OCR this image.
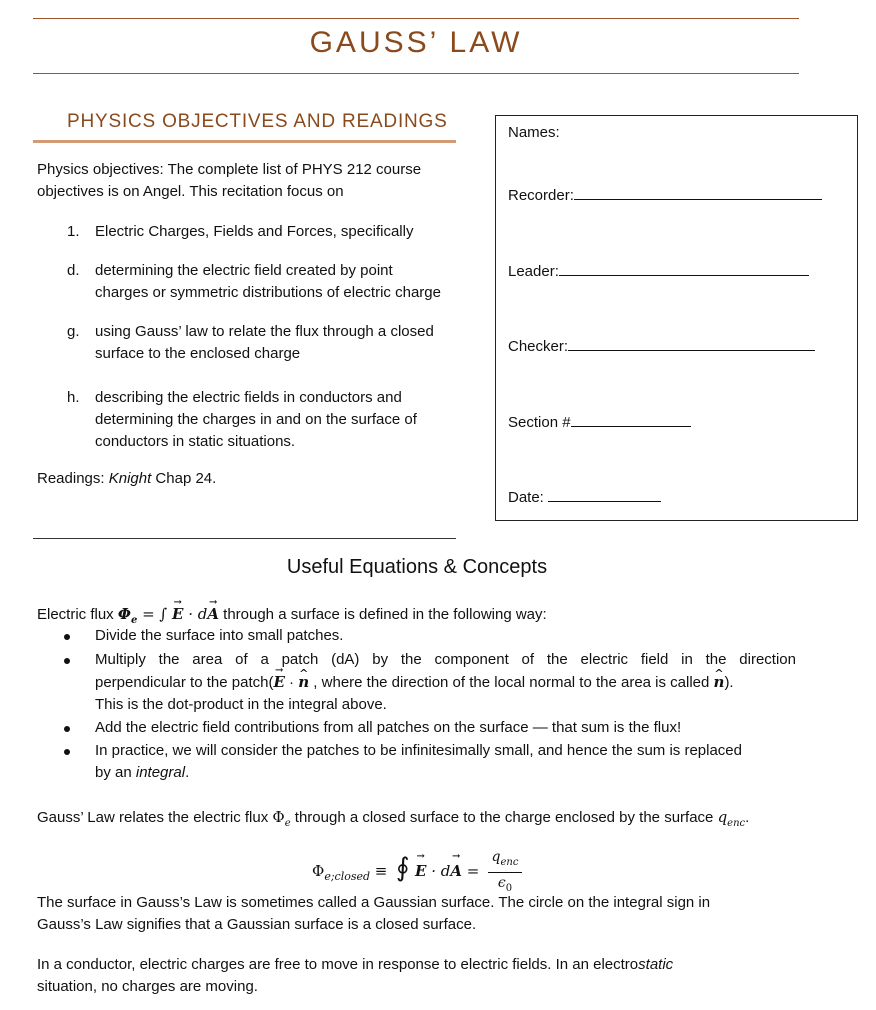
GAUSS’ LAW
PHYSICS OBJECTIVES AND READINGS
Physics objectives: The complete list of PHYS 212 course
objectives is on Angel. This recitation focus on
1. Electric Charges, Fields and Forces, specifically
d. determining the electric field created by point
charges or symmetric distributions of electric charge
g. using Gauss’ law to relate the flux through a closed
surface to the enclosed charge
h. describing the electric fields in conductors and
determining the charges in and on the surface of
conductors in static situations.
Readings: Knight Chap 24.
Names:
Recorder:
Leader:
Checker:
Section #
Date:
Useful Equations & Concepts
Electric flux $\Phi_e$ = ∫ → E · d→ A through a surface is defined in the following way:
Divide the surface into small patches.
Multiply the area of a patch (dA) by the component of the electric field in the direction
perpendicular to the patch(→ E · ^ n , where the direction of the local normal to the area is called ^ n).
This is the dot-product in the integral above.
Add the electric field contributions from all patches on the surface — that sum is the flux!
In practice, we will consider the patches to be infinitesimally small, and hence the sum is replaced
by an integral.
Gauss’ Law relates the electric flux $\Phi_e$ through a closed surface to the charge enclosed by the surface $q_{enc}$.
$\Phi_{e;closed}$ ≡ ∮
→ E · d→ A =
$q_{enc}$
$\epsilon_0$
The surface in Gauss’s Law is sometimes called a Gaussian surface. The circle on the integral sign in
Gauss’s Law signifies that a Gaussian surface is a closed surface.
In a conductor, electric charges are free to move in response to electric fields. In an electrostatic
situation, no charges are moving.
